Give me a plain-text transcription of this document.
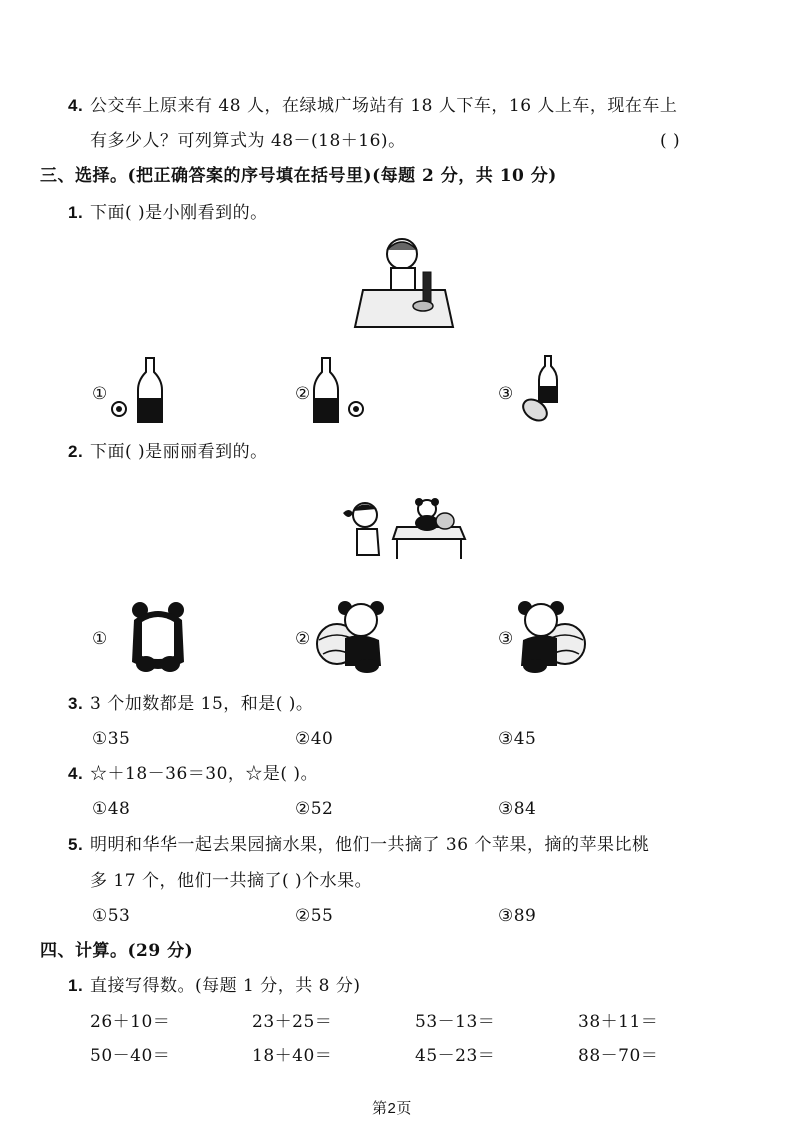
4. 公交车上原来有 48 人，在绿城广场站有 18 人下车，16 人上车，现在车上
有多少人？可列算式为 48－(18＋16)。	( )
三、选择。(把正确答案的序号填在括号里)(每题 2 分，共 10 分)
1. 下面( )是小刚看到的。
①	②	③
2. 下面( )是丽丽看到的。
①	②	③
3. 3 个加数都是 15，和是( )。
①35	②40	③45
4. ☆＋18－36＝30，☆是( )。
①48	②52	③84
5. 明明和华华一起去果园摘水果，他们一共摘了 36 个苹果，摘的苹果比桃
多 17 个，他们一共摘了( )个水果。
①53	②55	③89
四、计算。(29 分)
1. 直接写得数。(每题 1 分，共 8 分)
26＋10＝	23＋25＝	53－13＝	38＋11＝
50－40＝	18＋40＝	45－23＝	88－70＝
第2页
